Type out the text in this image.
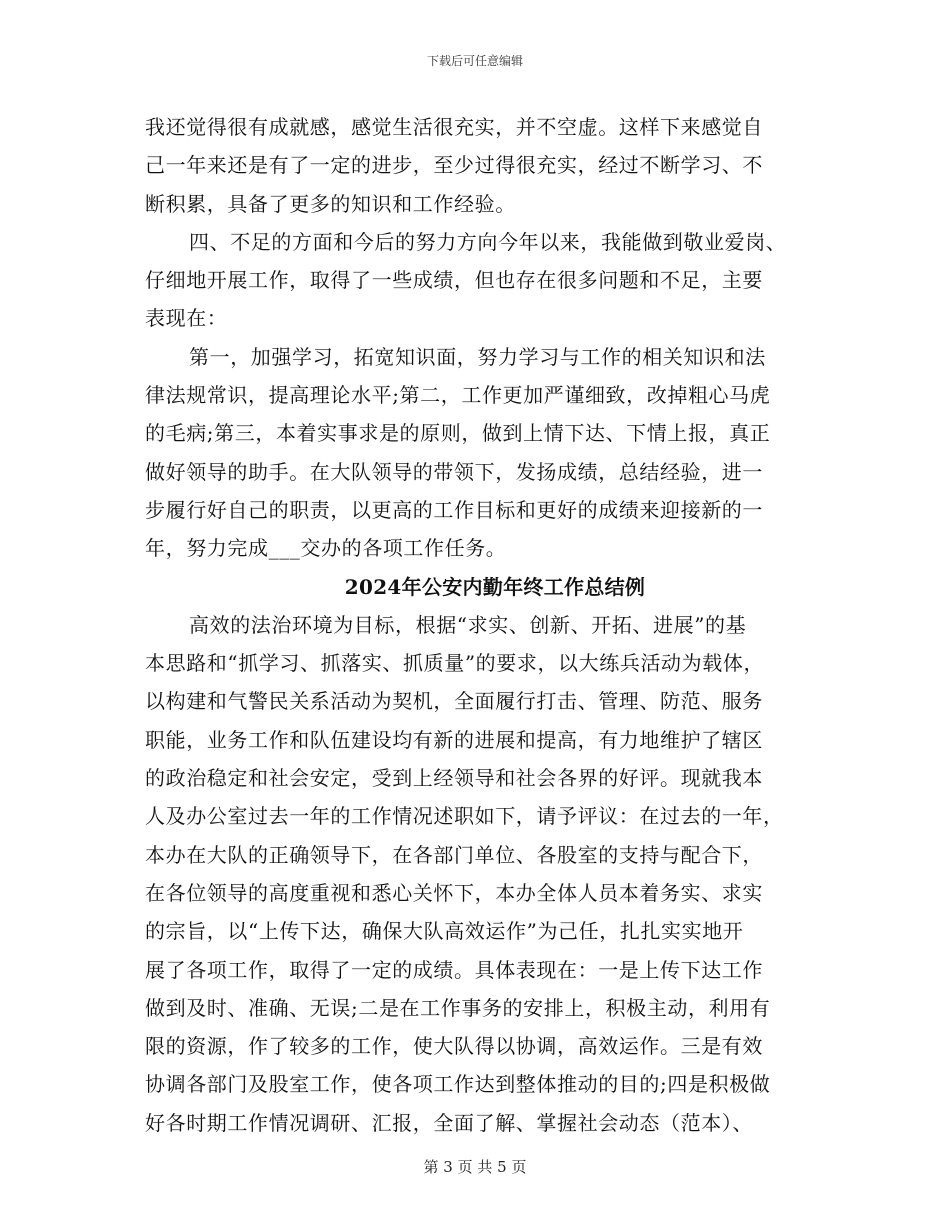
下载后可任意编辑
我还觉得很有成就感，感觉生活很充实，并不空虚。这样下来感觉自
己一年来还是有了一定的进步，至少过得很充实，经过不断学习、不
断积累，具备了更多的知识和工作经验。
四、不足的方面和今后的努力方向今年以来，我能做到敬业爱岗、
仔细地开展工作，取得了一些成绩，但也存在很多问题和不足，主要
表现在：
第一，加强学习，拓宽知识面，努力学习与工作的相关知识和法
律法规常识，提高理论水平;第二，工作更加严谨细致，改掉粗心马虎
的毛病;第三，本着实事求是的原则，做到上情下达、下情上报，真正
做好领导的助手。在大队领导的带领下，发扬成绩，总结经验，进一
步履行好自己的职责，以更高的工作目标和更好的成绩来迎接新的一
年，努力完成___交办的各项工作任务。
2024年公安内勤年终工作总结例
高效的法治环境为目标，根据“求实、创新、开拓、进展”的基
本思路和“抓学习、抓落实、抓质量”的要求，以大练兵活动为载体，
以构建和气警民关系活动为契机，全面履行打击、管理、防范、服务
职能，业务工作和队伍建设均有新的进展和提高，有力地维护了辖区
的政治稳定和社会安定，受到上经领导和社会各界的好评。现就我本
人及办公室过去一年的工作情况述职如下，请予评议：在过去的一年，
本办在大队的正确领导下，在各部门单位、各股室的支持与配合下，
在各位领导的高度重视和悉心关怀下，本办全体人员本着务实、求实
的宗旨，以“上传下达，确保大队高效运作”为己任，扎扎实实地开
展了各项工作，取得了一定的成绩。具体表现在：一是上传下达工作
做到及时、准确、无误;二是在工作事务的安排上，积极主动，利用有
限的资源，作了较多的工作，使大队得以协调，高效运作。三是有效
协调各部门及股室工作，使各项工作达到整体推动的目的;四是积极做
好各时期工作情况调研、汇报，全面了解、掌握社会动态（范本）、
第 3 页 共 5 页
